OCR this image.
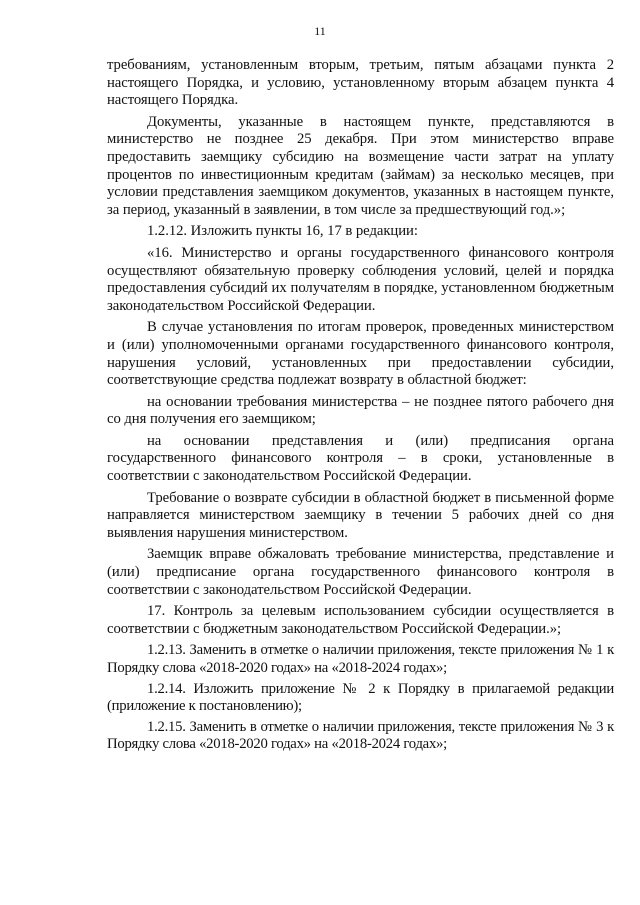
11

требованиям, установленным вторым, третьим, пятым абзацами пункта 2 настоящего Порядка, и условию, установленному вторым абзацем пункта 4 настоящего Порядка.

Документы, указанные в настоящем пункте, представляются в министерство не позднее 25 декабря. При этом министерство вправе предоставить заемщику субсидию на возмещение части затрат на уплату процентов по инвестиционным кредитам (займам) за несколько месяцев, при условии представления заемщиком документов, указанных в настоящем пункте, за период, указанный в заявлении, в том числе за предшествующий год.»;

1.2.12. Изложить пункты 16, 17 в редакции:

«16. Министерство и органы государственного финансового контроля осуществляют обязательную проверку соблюдения условий, целей и порядка предоставления субсидий их получателям в порядке, установленном бюджетным законодательством Российской Федерации.

В случае установления по итогам проверок, проведенных министерством и (или) уполномоченными органами государственного финансового контроля, нарушения условий, установленных при предоставлении субсидии, соответствующие средства подлежат возврату в областной бюджет:

на основании требования министерства – не позднее пятого рабочего дня со дня получения его заемщиком;

на основании представления и (или) предписания органа государственного финансового контроля – в сроки, установленные в соответствии с законодательством Российской Федерации.

Требование о возврате субсидии в областной бюджет в письменной форме направляется министерством заемщику в течении 5 рабочих дней со дня выявления нарушения министерством.

Заемщик вправе обжаловать требование министерства, представление и (или) предписание органа государственного финансового контроля в соответствии с законодательством Российской Федерации.

17. Контроль за целевым использованием субсидии осуществляется в соответствии с бюджетным законодательством Российской Федерации.»;

1.2.13. Заменить в отметке о наличии приложения, тексте приложения № 1 к Порядку слова «2018-2020 годах» на «2018-2024 годах»;

1.2.14. Изложить приложение № 2 к Порядку в прилагаемой редакции (приложение к постановлению);

1.2.15. Заменить в отметке о наличии приложения, тексте приложения № 3 к Порядку слова «2018-2020 годах» на «2018-2024 годах»;
